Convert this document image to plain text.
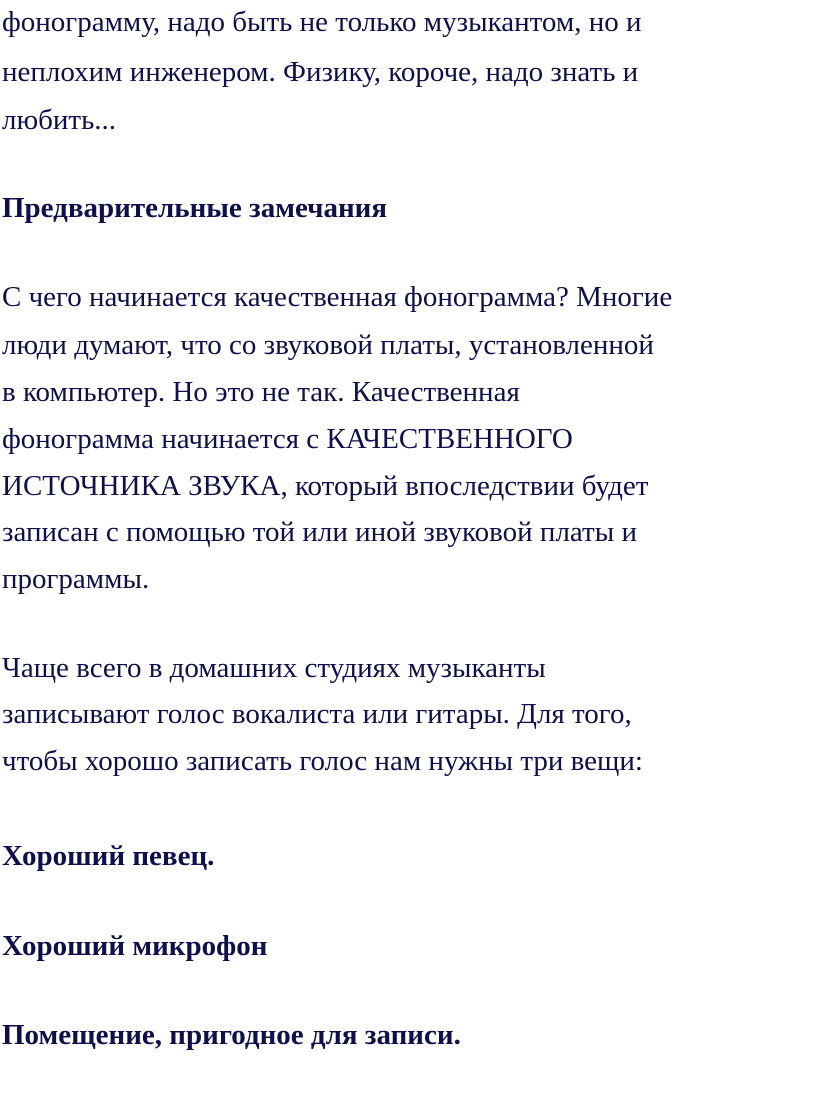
фонограмму, надо быть не только музыкантом, но и
неплохим инженером. Физику, короче, надо знать и
любить...
Предварительные замечания
С чего начинается качественная фонограмма? Многие
люди думают, что со звуковой платы, установленной
в компьютер. Но это не так. Качественная
фонограмма начинается с КАЧЕСТВЕННОГО
ИСТОЧНИКА ЗВУКА, который впоследствии будет
записан с помощью той или иной звуковой платы и
программы.
Чаще всего в домашних студиях музыканты
записывают голос вокалиста или гитары. Для того,
чтобы хорошо записать голос нам нужны три вещи:
Хороший певец.
Хороший микрофон
Помещение, пригодное для записи.
